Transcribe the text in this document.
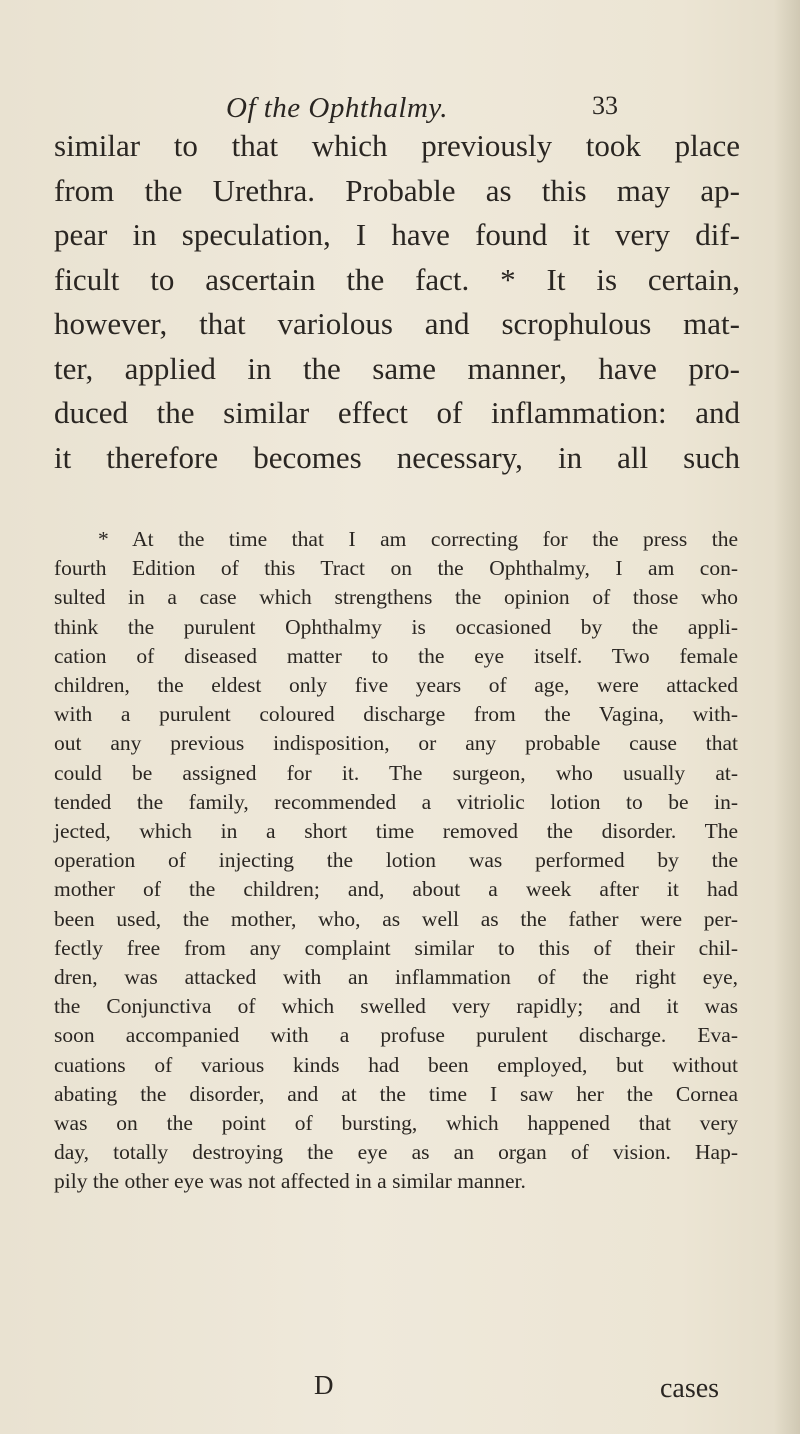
Of the Ophthalmy.	33
similar to that which previously took place
from the Urethra. Probable as this may ap-
pear in speculation, I have found it very dif-
ficult to ascertain the fact. * It is certain,
however, that variolous and scrophulous mat-
ter, applied in the same manner, have pro-
duced the similar effect of inflammation: and
it therefore becomes necessary, in all such
* At the time that I am correcting for the press the
fourth Edition of this Tract on the Ophthalmy, I am con-
sulted in a case which strengthens the opinion of those who
think the purulent Ophthalmy is occasioned by the appli-
cation of diseased matter to the eye itself. Two female
children, the eldest only five years of age, were attacked
with a purulent coloured discharge from the Vagina, with-
out any previous indisposition, or any probable cause that
could be assigned for it. The surgeon, who usually at-
tended the family, recommended a vitriolic lotion to be in-
jected, which in a short time removed the disorder. The
operation of injecting the lotion was performed by the
mother of the children; and, about a week after it had
been used, the mother, who, as well as the father were per-
fectly free from any complaint similar to this of their chil-
dren, was attacked with an inflammation of the right eye,
the Conjunctiva of which swelled very rapidly; and it was
soon accompanied with a profuse purulent discharge. Eva-
cuations of various kinds had been employed, but without
abating the disorder, and at the time I saw her the Cornea
was on the point of bursting, which happened that very
day, totally destroying the eye as an organ of vision. Hap-
pily the other eye was not affected in a similar manner.
D	cases
